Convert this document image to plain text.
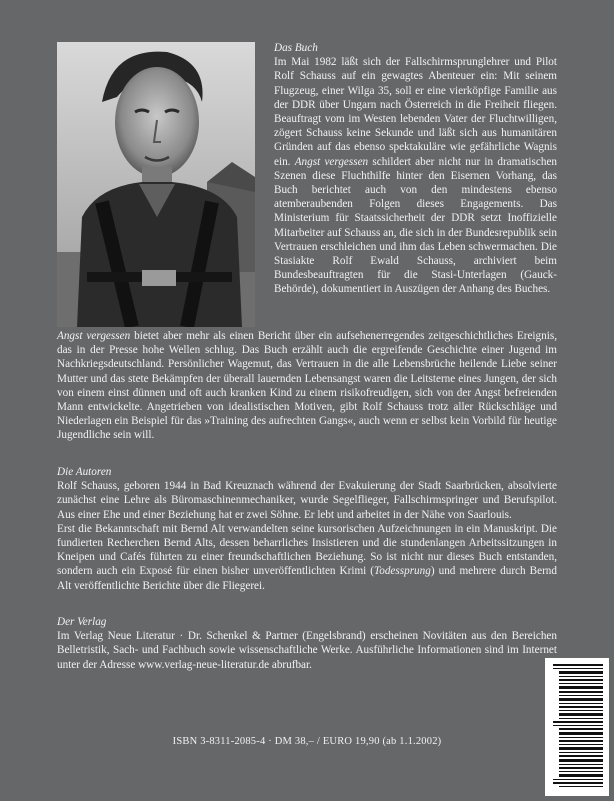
Das Buch

Im Mai 1982 läßt sich der Fallschirmsprunglehrer und Pilot Rolf Schauss auf ein gewagtes Abenteuer ein: Mit seinem Flugzeug, einer Wilga 35, soll er eine vierköpfige Familie aus der DDR über Ungarn nach Österreich in die Freiheit fliegen. Beauftragt vom im Westen lebenden Vater der Fluchtwilligen, zögert Schauss keine Sekunde und läßt sich aus humanitären Gründen auf das ebenso spektakuläre wie gefährliche Wagnis ein. Angst vergessen schildert aber nicht nur in dramatischen Szenen diese Fluchthilfe hinter den Eisernen Vorhang, das Buch berichtet auch von den mindestens ebenso atemberaubenden Folgen dieses Engagements. Das Ministerium für Staatssicherheit der DDR setzt Inoffizielle Mitarbeiter auf Schauss an, die sich in der Bundesrepublik sein Vertrauen erschleichen und ihm das Leben schwermachen. Die Stasiakte Rolf Ewald Schauss, archiviert beim Bundesbeauftragten für die Stasi-Unterlagen (Gauck-Behörde), dokumentiert in Auszügen der Anhang des Buches.

Angst vergessen bietet aber mehr als einen Bericht über ein aufsehenerregendes zeitgeschichtliches Ereignis, das in der Presse hohe Wellen schlug. Das Buch erzählt auch die ergreifende Geschichte einer Jugend im Nachkriegsdeutschland. Persönlicher Wagemut, das Vertrauen in die alle Lebensbrüche heilende Liebe seiner Mutter und das stete Bekämpfen der überall lauernden Lebensangst waren die Leitsterne eines Jungen, der sich von einem einst dünnen und oft auch kranken Kind zu einem risikofreudigen, sich von der Angst befreienden Mann entwickelte. Angetrieben von idealistischen Motiven, gibt Rolf Schauss trotz aller Rückschläge und Niederlagen ein Beispiel für das »Training des aufrechten Gangs«, auch wenn er selbst kein Vorbild für heutige Jugendliche sein will.

Die Autoren

Rolf Schauss, geboren 1944 in Bad Kreuznach während der Evakuierung der Stadt Saarbrücken, absolvierte zunächst eine Lehre als Büromaschinenmechaniker, wurde Segelflieger, Fallschirmspringer und Berufspilot. Aus einer Ehe und einer Beziehung hat er zwei Söhne. Er lebt und arbeitet in der Nähe von Saarlouis.

Erst die Bekanntschaft mit Bernd Alt verwandelten seine kursorischen Aufzeichnungen in ein Manuskript. Die fundierten Recherchen Bernd Alts, dessen beharrliches Insistieren und die stundenlangen Arbeitssitzungen in Kneipen und Cafés führten zu einer freundschaftlichen Beziehung. So ist nicht nur dieses Buch entstanden, sondern auch ein Exposé für einen bisher unveröffentlichten Krimi (Todessprung) und mehrere durch Bernd Alt veröffentlichte Berichte über die Fliegerei.

Der Verlag

Im Verlag Neue Literatur · Dr. Schenkel & Partner (Engelsbrand) erscheinen Novitäten aus den Bereichen Belletristik, Sach- und Fachbuch sowie wissenschaftliche Werke. Ausführliche Informationen sind im Internet unter der Adresse www.verlag-neue-literatur.de abrufbar.

ISBN 3-8311-2085-4 · DM 38,– / EURO 19,90 (ab 1.1.2002)
